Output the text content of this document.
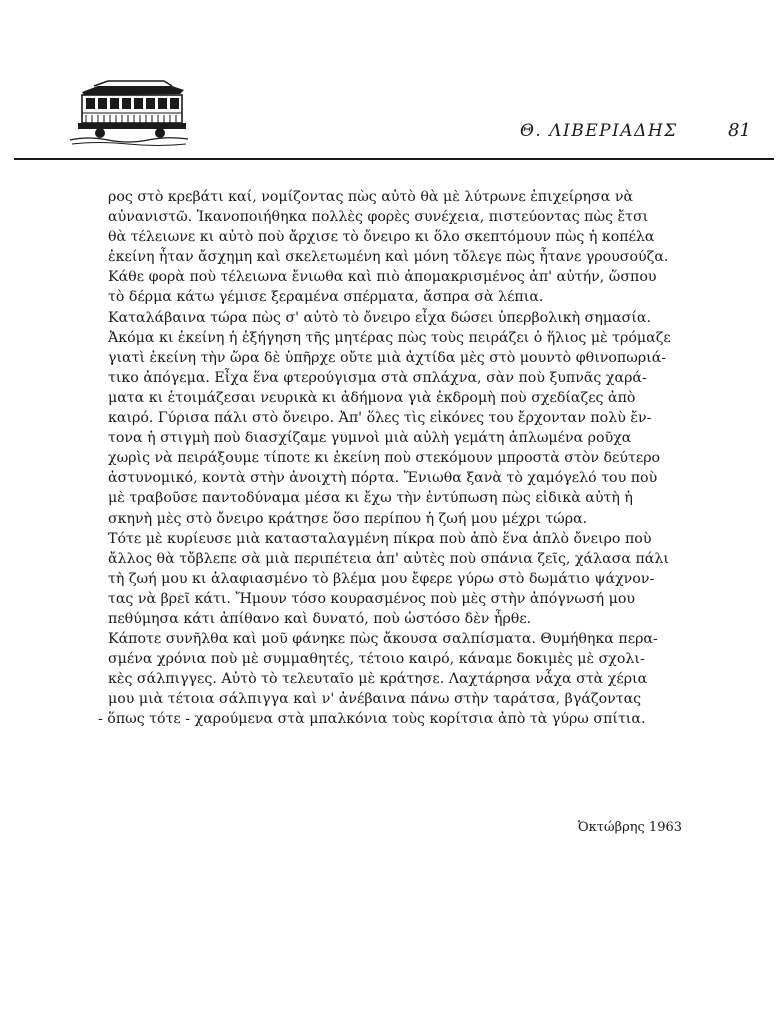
Θ. ΛΙΒΕΡΙΑΔΗΣ	81
ρος στὸ κρεβάτι καί, νομίζοντας πὼς αὐτὸ θὰ μὲ λύτρωνε ἐπιχείρησα νὰ
αὐνανιστῶ. Ἱκανοποιήθηκα πολλὲς φορὲς συνέχεια, πιστεύοντας πὼς ἔτσι
θὰ τέλειωνε κι αὐτὸ ποὺ ἄρχισε τὸ ὄνειρο κι ὅλο σκεπτόμουν πὼς ἡ κοπέλα
ἐκείνη ἦταν ἄσχημη καὶ σκελετωμένη καὶ μόνη τὄλεγε πὼς ἦτανε γρουσούζα.
Κάθε φορὰ ποὺ τέλειωνα ἔνιωθα καὶ πιὸ ἀπομακρισμένος ἀπ' αὐτήν, ὥσπου
τὸ δέρμα κάτω γέμισε ξεραμένα σπέρματα, ἄσπρα σὰ λέπια.
Καταλάβαινα τώρα πὼς σ' αὐτὸ τὸ ὄνειρο εἶχα δώσει ὑπερβολικὴ σημασία.
Ἀκόμα κι ἐκείνη ἡ ἐξήγηση τῆς μητέρας πὼς τοὺς πειράζει ὁ ἥλιος μὲ τρόμαζε
γιατὶ ἐκείνη τὴν ὥρα δὲ ὑπῆρχε οὔτε μιὰ ἀχτίδα μὲς στὸ μουντὸ φθινοπωριά-
τικο ἀπόγεμα. Εἶχα ἕνα φτερούγισμα στὰ σπλάχνα, σὰν ποὺ ξυπνᾶς χαρά-
ματα κι ἑτοιμάζεσαι νευρικὰ κι ἀδήμονα γιὰ ἐκδρομὴ ποὺ σχεδίαζες ἀπὸ
καιρό. Γύρισα πάλι στὸ ὄνειρο. Ἀπ' ὅλες τὶς εἰκόνες του ἔρχονταν πολὺ ἔν-
τονα ἡ στιγμὴ ποὺ διασχίζαμε γυμνοὶ μιὰ αὐλὴ γεμάτη ἁπλωμένα ροῦχα
χωρὶς νὰ πειράξουμε τίποτε κι ἐκείνη ποὺ στεκόμουν μπροστὰ στὸν δεύτερο
ἀστυνομικό, κοντὰ στὴν ἀνοιχτὴ πόρτα. Ἔνιωθα ξανὰ τὸ χαμόγελό του ποὺ
μὲ τραβοῦσε παντοδύναμα μέσα κι ἔχω τὴν ἐντύπωση πὼς εἰδικὰ αὐτὴ ἡ
σκηνὴ μὲς στὸ ὄνειρο κράτησε ὅσο περίπου ἡ ζωή μου μέχρι τώρα.
Τότε μὲ κυρίευσε μιὰ κατασταλαγμένη πίκρα ποὺ ἀπὸ ἕνα ἁπλὸ ὄνειρο ποὺ
ἄλλος θὰ τὄβλεπε σὰ μιὰ περιπέτεια ἀπ' αὐτὲς ποὺ σπάνια ζεῖς, χάλασα πάλι
τὴ ζωή μου κι ἀλαφιασμένο τὸ βλέμα μου ἔφερε γύρω στὸ δωμάτιο ψάχνον-
τας νὰ βρεῖ κάτι. Ἤμουν τόσο κουρασμένος ποὺ μὲς στὴν ἀπόγνωσή μου
πεθύμησα κάτι ἀπίθανο καὶ δυνατό, ποὺ ὡστόσο δὲν ἦρθε.
Κάποτε συνῆλθα καὶ μοῦ φάνηκε πὼς ἄκουσα σαλπίσματα. Θυμήθηκα περα-
σμένα χρόνια ποὺ μὲ συμμαθητές, τέτοιο καιρό, κάναμε δοκιμὲς μὲ σχολι-
κὲς σάλπιγγες. Αὐτὸ τὸ τελευταῖο μὲ κράτησε. Λαχτάρησα νἆχα στὰ χέρια
μου μιὰ τέτοια σάλπιγγα καὶ ν' ἀνέβαινα πάνω στὴν ταράτσα, βγάζοντας
- ὅπως τότε - χαρούμενα στὰ μπαλκόνια τοὺς κορίτσια ἀπὸ τὰ γύρω σπίτια.
Ὀκτώβρης 1963
